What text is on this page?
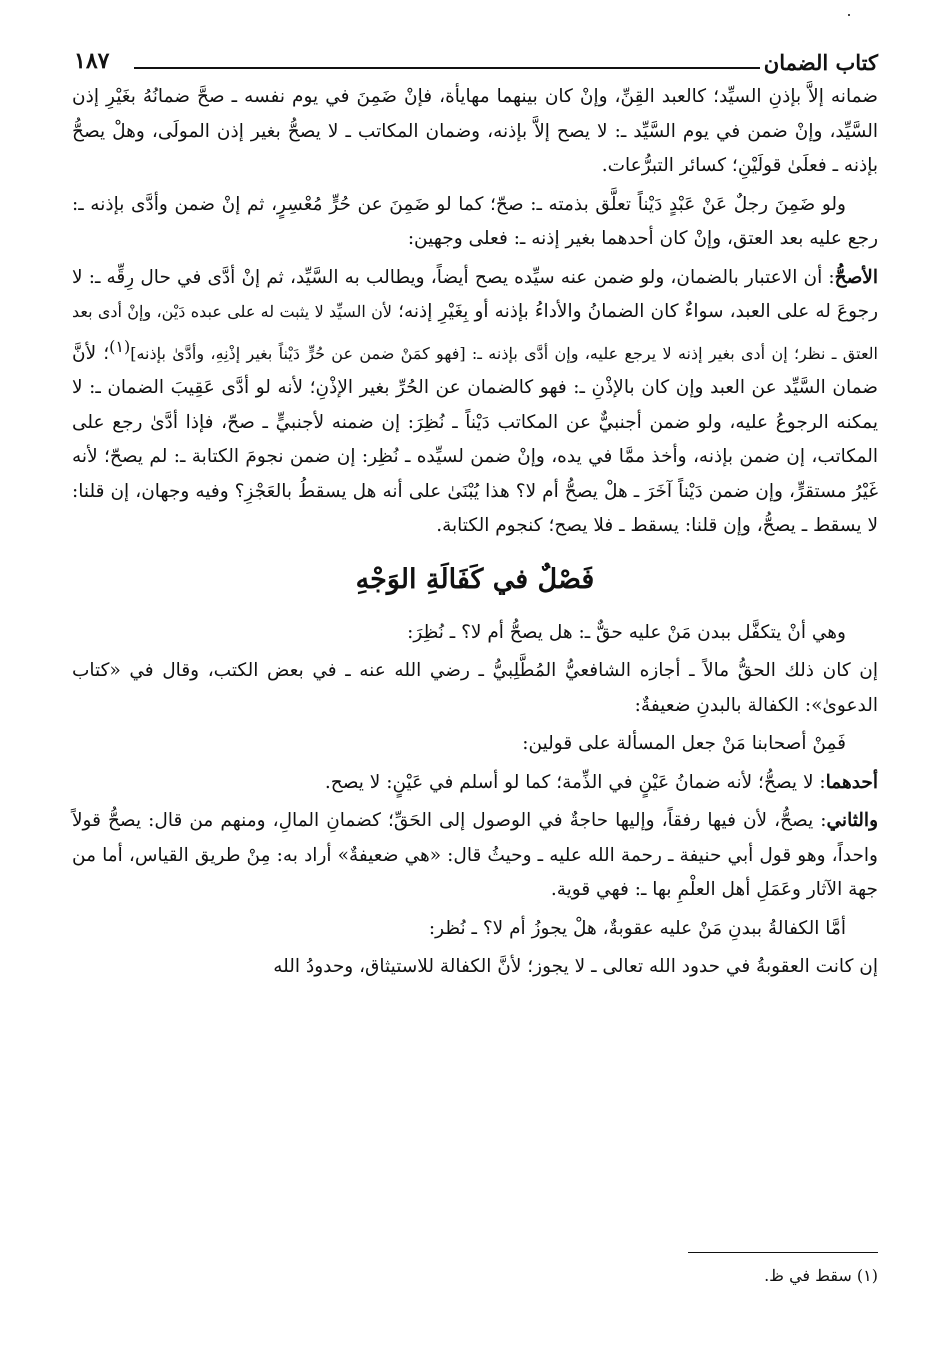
كتاب الضمان
١٨٧

ضمانه إلاَّ بإذنِ السيِّد؛ كالعبد القِنِّ، وإنْ كان بينهما مهايأة، فإنْ ضَمِنَ في يوم نفسه ـ صحَّ ضمانُهُ بغَيْرِ إذن السَّيِّد، وإنْ ضمن في يوم السَّيِّد ـ: لا يصح إلاَّ بإذنه، وضمان المكاتب ـ لا يصحُّ بغير إذن المولَى، وهلْ يصحُّ بإذنه ـ فعلَىٰ قولَيْنِ؛ كسائر التبرُّعات.

ولو ضَمِنَ رجلٌ عَنْ عَبْدٍ دَيْناً تعلَّق بذمته ـ: صحّ؛ كما لو ضَمِنَ عن حُرٍّ مُعْسِرٍ، ثم إنْ ضمن وأدَّى بإذنه ـ: رجع عليه بعد العتق، وإنْ كان أحدهما بغير إذنه ـ: فعلى وجهين:

الأصحُّ: أن الاعتبار بالضمان، ولو ضمن عنه سيِّده يصح أيضاً، ويطالب به السَّيِّد، ثم إنْ أدَّى في حال رِقِّه ـ: لا رجوعَ له على العبد، سواءٌ كان الضمانُ والأداءُ بإذنه أو بِغَيْرِ إذنه؛ لأن السيِّد لا يثبت له على عبده دَيْن، وإنْ أدى بعد العتق ـ نظر؛ إن أدى بغير إذنه لا يرجع عليه، وإن أدَّى بإذنه ـ: [فهو كمَنْ ضمن عن حُرٍّ دَيْناً بغير إذْنِهِ، وأدَّىٰ بإذنه]$^{(١)}$؛ لأنَّ ضمان السَّيِّد عن العبد وإن كان بالإذْنِ ـ: فهو كالضمان عن الحُرِّ بغير الإذْنِ؛ لأنه لو أدَّى عَقِيبَ الضمان ـ: لا يمكنه الرجوعُ عليه، ولو ضمن أجنبيٌّ عن المكاتب دَيْناً ـ نُظِرَ: إن ضمنه لأجنبيٍّ ـ صحّ، فإذا أدَّىٰ رجع على المكاتب، إن ضمن بإذنه، وأخذ ممَّا في يده، وإنْ ضمن لسيِّده ـ نُظِر: إن ضمن نجومَ الكتابة ـ: لم يصحّ؛ لأنه غَيْرُ مستقرٍّ، وإن ضمن دَيْناً آخَرَ ـ هلْ يصحُّ أم لا؟ هذا يُبْنَىٰ على أنه هل يسقطُ بالعَجْزِ؟ وفيه وجهان، إن قلنا: لا يسقط ـ يصحُّ، وإن قلنا: يسقط ـ فلا يصح؛ كنجوم الكتابة.

فَصْلٌ في كَفَالَةِ الوَجْهِ

وهي أنْ يتكفَّل ببدن مَنْ عليه حقٌّ ـ: هل يصحُّ أم لا؟ ـ نُظِرَ:

إن كان ذلك الحقُّ مالاً ـ أجازه الشافعيُّ المُطَّلِبيُّ ـ رضي الله عنه ـ في بعض الكتب، وقال في «كتاب الدعوىٰ»: الكفالة بالبدنِ ضعيفةٌ:

فَمِنْ أصحابنا مَنْ جعل المسألة على قولين:

أحدهما: لا يصحُّ؛ لأنه ضمانُ عَيْنٍ في الذِّمة؛ كما لو أسلم في عَيْنٍ: لا يصح.

والثاني: يصحُّ، لأن فيها رفقاً، وإليها حاجةٌ في الوصول إلى الحَقِّ؛ كضمانِ المالِ، ومنهم من قال: يصحُّ قولاً واحداً، وهو قول أبي حنيفة ـ رحمة الله عليه ـ وحيثُ قال: «هي ضعيفةٌ» أراد به: مِنْ طريق القياس، أما من جهة الآثار وعَمَلِ أهل العلْمِ بها ـ: فهي قوية.

أمَّا الكفالةُ ببدنِ مَنْ عليه عقوبةٌ، هلْ يجوزُ أم لا؟ ـ نُظر:

إن كانت العقوبةُ في حدود الله تعالى ـ لا يجوز؛ لأنَّ الكفالة للاستيثاق، وحدودُ الله

(١) سقط في ظ.
